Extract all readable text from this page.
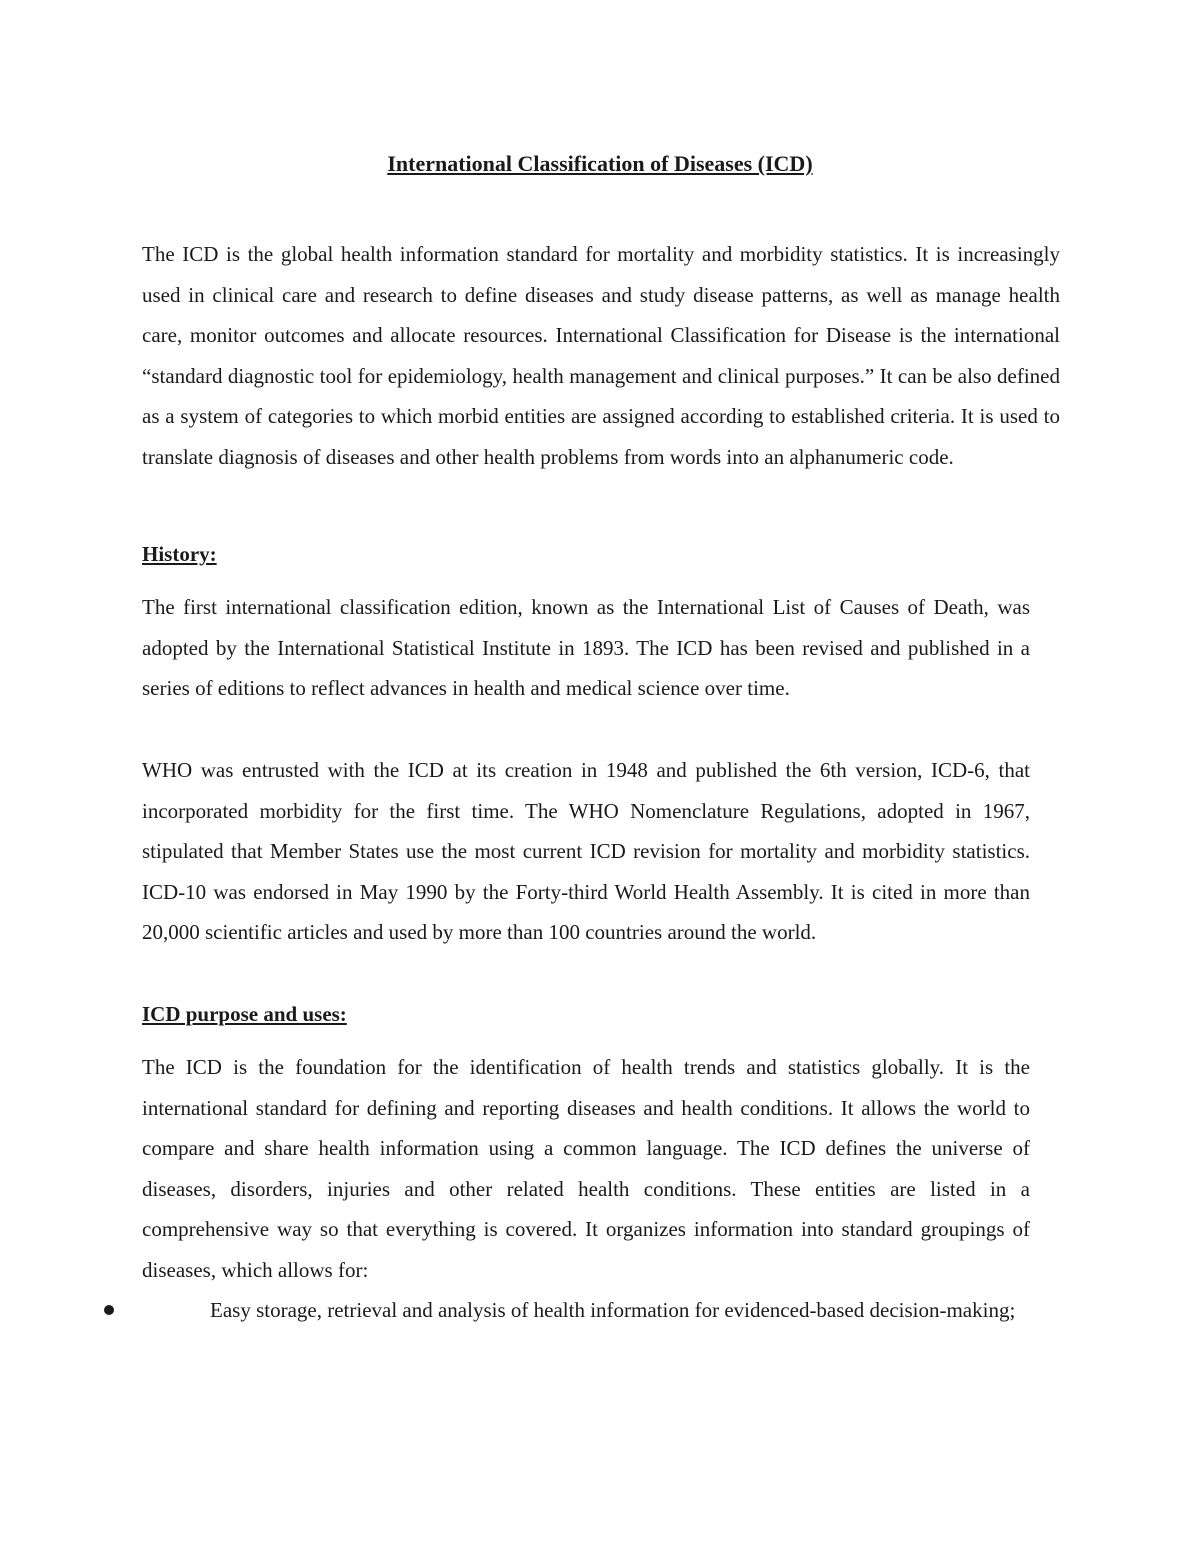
International Classification of Diseases (ICD)

The ICD is the global health information standard for mortality and morbidity statistics. It is increasingly used in clinical care and research to define diseases and study disease patterns, as well as manage health care, monitor outcomes and allocate resources. International Classification for Disease is the international “standard diagnostic tool for epidemiology, health management and clinical purposes.” It can be also defined as a system of categories to which morbid entities are assigned according to established criteria. It is used to translate diagnosis of diseases and other health problems from words into an alphanumeric code.

History:

The first international classification edition, known as the International List of Causes of Death, was adopted by the International Statistical Institute in 1893. The ICD has been revised and published in a series of editions to reflect advances in health and medical science over time.

WHO was entrusted with the ICD at its creation in 1948 and published the 6th version, ICD-6, that incorporated morbidity for the first time. The WHO Nomenclature Regulations, adopted in 1967, stipulated that Member States use the most current ICD revision for mortality and morbidity statistics. ICD-10 was endorsed in May 1990 by the Forty-third World Health Assembly. It is cited in more than 20,000 scientific articles and used by more than 100 countries around the world.

ICD purpose and uses:

The ICD is the foundation for the identification of health trends and statistics globally. It is the international standard for defining and reporting diseases and health conditions. It allows the world to compare and share health information using a common language. The ICD defines the universe of diseases, disorders, injuries and other related health conditions. These entities are listed in a comprehensive way so that everything is covered. It organizes information into standard groupings of diseases, which allows for:

Easy storage, retrieval and analysis of health information for evidenced-based decision-making;
